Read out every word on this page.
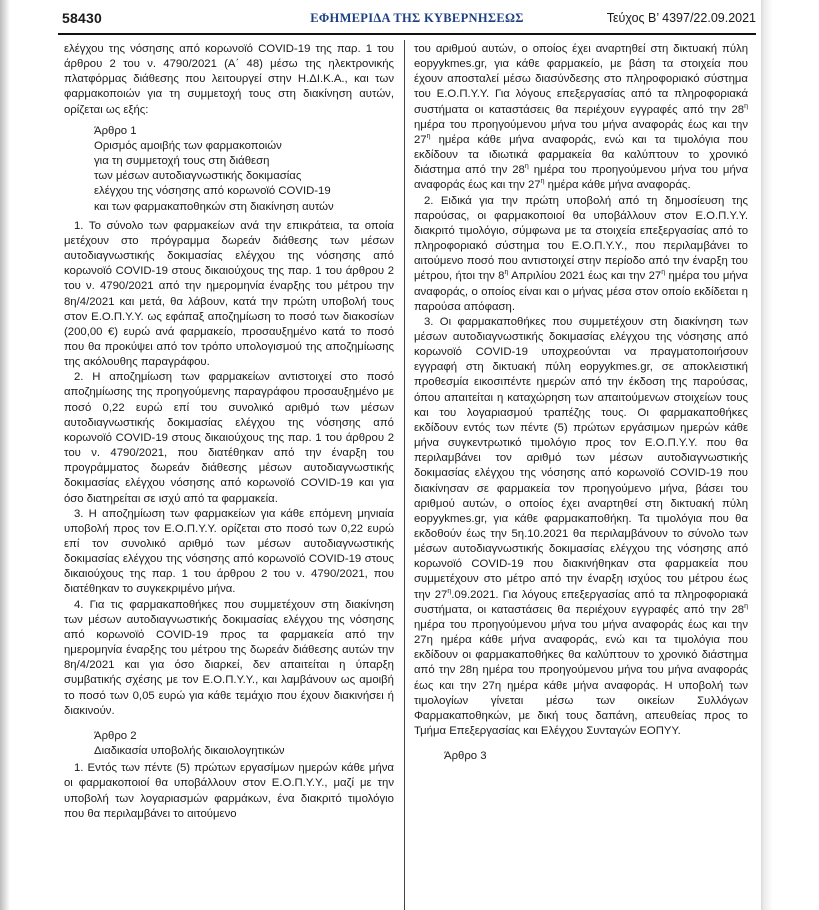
58430	ΕΦΗΜΕΡΙΔΑ ΤΗΣ ΚΥΒΕΡΝΗΣΕΩΣ	Τεύχος B’ 4397/22.09.2021

ελέγχου της νόσησης από κορωνοϊό COVID-19 της παρ. 1 του άρθρου 2 του ν. 4790/2021 (Α΄ 48) μέσω της ηλεκτρονικής πλατφόρμας διάθεσης που λειτουργεί στην Η.ΔΙ.Κ.Α., και των φαρμακοποιών για τη συμμετοχή τους στη διακίνηση αυτών, ορίζεται ως εξής:

Άρθρο 1
Ορισμός αμοιβής των φαρμακοποιών
για τη συμμετοχή τους στη διάθεση
των μέσων αυτοδιαγνωστικής δοκιμασίας
ελέγχου της νόσησης από κορωνοϊό COVID-19
και των φαρμακαποθηκών στη διακίνηση αυτών

1. Το σύνολο των φαρμακείων ανά την επικράτεια, τα οποία μετέχουν στο πρόγραμμα δωρεάν διάθεσης των μέσων αυτοδιαγνωστικής δοκιμασίας ελέγχου της νόσησης από κορωνοϊό COVID-19 στους δικαιούχους της παρ. 1 του άρθρου 2 του ν. 4790/2021 από την ημερομηνία έναρξης του μέτρου την 8η/4/2021 και μετά, θα λάβουν, κατά την πρώτη υποβολή τους στον Ε.Ο.Π.Υ.Υ. ως εφάπαξ αποζημίωση το ποσό των διακοσίων (200,00 €) ευρώ ανά φαρμακείο, προσαυξημένο κατά το ποσό που θα προκύψει από τον τρόπο υπολογισμού της αποζημίωσης της ακόλουθης παραγράφου.

2. Η αποζημίωση των φαρμακείων αντιστοιχεί στο ποσό αποζημίωσης της προηγούμενης παραγράφου προσαυξημένο με ποσό 0,22 ευρώ επί του συνολικό αριθμό των μέσων αυτοδιαγνωστικής δοκιμασίας ελέγχου της νόσησης από κορωνοϊό COVID-19 στους δικαιούχους της παρ. 1 του άρθρου 2 του ν. 4790/2021, που διατέθηκαν από την έναρξη του προγράμματος δωρεάν διάθεσης μέσων αυτοδιαγνωστικής δοκιμασίας ελέγχου νόσησης από κορωνοϊό COVID-19 και για όσο διατηρείται σε ισχύ από τα φαρμακεία.

3. Η αποζημίωση των φαρμακείων για κάθε επόμενη μηνιαία υποβολή προς τον Ε.Ο.Π.Υ.Υ. ορίζεται στο ποσό των 0,22 ευρώ επί τον συνολικό αριθμό των μέσων αυτοδιαγνωστικής δοκιμασίας ελέγχου της νόσησης από κορωνοϊό COVID-19 στους δικαιούχους της παρ. 1 του άρθρου 2 του ν. 4790/2021, που διατέθηκαν το συγκεκριμένο μήνα.

4. Για τις φαρμακαποθήκες που συμμετέχουν στη διακίνηση των μέσων αυτοδιαγνωστικής δοκιμασίας ελέγχου της νόσησης από κορωνοϊό COVID-19 προς τα φαρμακεία από την ημερομηνία έναρξης του μέτρου της δωρεάν διάθεσης αυτών την 8η/4/2021 και για όσο διαρκεί, δεν απαιτείται η ύπαρξη συμβατικής σχέσης με τον Ε.Ο.Π.Υ.Υ., και λαμβάνουν ως αμοιβή το ποσό των 0,05 ευρώ για κάθε τεμάχιο που έχουν διακινήσει ή διακινούν.

Άρθρο 2
Διαδικασία υποβολής δικαιολογητικών

1. Εντός των πέντε (5) πρώτων εργασίμων ημερών κάθε μήνα οι φαρμακοποιοί θα υποβάλλουν στον Ε.Ο.Π.Υ.Υ., μαζί με την υποβολή των λογαριασμών φαρμάκων, ένα διακριτό τιμολόγιο που θα περιλαμβάνει το αιτούμενο

του αριθμού αυτών, ο οποίος έχει αναρτηθεί στη δικτυακή πύλη eopyykmes.gr, για κάθε φαρμακείο, με βάση τα στοιχεία που έχουν αποσταλεί μέσω διασύνδεσης στο πληροφοριακό σύστημα του Ε.Ο.Π.Υ.Υ. Για λόγους επεξεργασίας από τα πληροφοριακά συστήματα οι καταστάσεις θα περιέχουν εγγραφές από την $28^\eta$ ημέρα του προηγούμενου μήνα του μήνα αναφοράς έως και την $27^\eta$ ημέρα κάθε μήνα αναφοράς, ενώ και τα τιμολόγια που εκδίδουν τα ιδιωτικά φαρμακεία θα καλύπτουν το χρονικό διάστημα από την $28^\eta$ ημέρα του προηγούμενου μήνα του μήνα αναφοράς έως και την $27^\eta$ ημέρα κάθε μήνα αναφοράς.

2. Ειδικά για την πρώτη υποβολή από τη δημοσίευση της παρούσας, οι φαρμακοποιοί θα υποβάλλουν στον Ε.Ο.Π.Υ.Υ. διακριτό τιμολόγιο, σύμφωνα με τα στοιχεία επεξεργασίας από το πληροφοριακό σύστημα του Ε.Ο.Π.Υ.Υ., που περιλαμβάνει το αιτούμενο ποσό που αντιστοιχεί στην περίοδο από την έναρξη του μέτρου, ήτοι την $8^\eta$ Απριλίου 2021 έως και την $27^\eta$ ημέρα του μήνα αναφοράς, ο οποίος είναι και ο μήνας μέσα στον οποίο εκδίδεται η παρούσα απόφαση.

3. Οι φαρμακαποθήκες που συμμετέχουν στη διακίνηση των μέσων αυτοδιαγνωστικής δοκιμασίας ελέγχου της νόσησης από κορωνοϊό COVID-19 υποχρεούνται να πραγματοποιήσουν εγγραφή στη δικτυακή πύλη eopyykmes.gr, σε αποκλειστική προθεσμία εικοσιπέντε ημερών από την έκδοση της παρούσας, όπου απαιτείται η καταχώρηση των απαιτούμενων στοιχείων τους και του λογαριασμού τραπέζης τους. Οι φαρμακαποθήκες εκδίδουν εντός των πέντε (5) πρώτων εργάσιμων ημερών κάθε μήνα συγκεντρωτικό τιμολόγιο προς τον Ε.Ο.Π.Υ.Υ. που θα περιλαμβάνει τον αριθμό των μέσων αυτοδιαγνωστικής δοκιμασίας ελέγχου της νόσησης από κορωνοϊό COVID-19 που διακίνησαν σε φαρμακεία τον προηγούμενο μήνα, βάσει του αριθμού αυτών, ο οποίος έχει αναρτηθεί στη δικτυακή πύλη eopyykmes.gr, για κάθε φαρμακαποθήκη. Τα τιμολόγια που θα εκδοθούν έως την 5η.10.2021 θα περιλαμβάνουν το σύνολο των μέσων αυτοδιαγνωστικής δοκιμασίας ελέγχου της νόσησης από κορωνοϊό COVID-19 που διακινήθηκαν στα φαρμακεία που συμμετέχουν στο μέτρο από την έναρξη ισχύος του μέτρου έως την $27^\eta.09.2021$. Για λόγους επεξεργασίας από τα πληροφοριακά συστήματα, οι καταστάσεις θα περιέχουν εγγραφές από την $28^\eta$ ημέρα του προηγούμενου μήνα του μήνα αναφοράς έως και την 27η ημέρα κάθε μήνα αναφοράς, ενώ και τα τιμολόγια που εκδίδουν οι φαρμακαποθήκες θα καλύπτουν το χρονικό διάστημα από την 28η ημέρα του προηγούμενου μήνα του μήνα αναφοράς έως και την 27η ημέρα κάθε μήνα αναφοράς. Η υποβολή των τιμολογίων γίνεται μέσω των οικείων Συλλόγων Φαρμακαποθηκών, με δική τους δαπάνη, απευθείας προς το Τμήμα Επεξεργασίας και Ελέγχου Συνταγών ΕΟΠΥΥ.

Άρθρο 3
